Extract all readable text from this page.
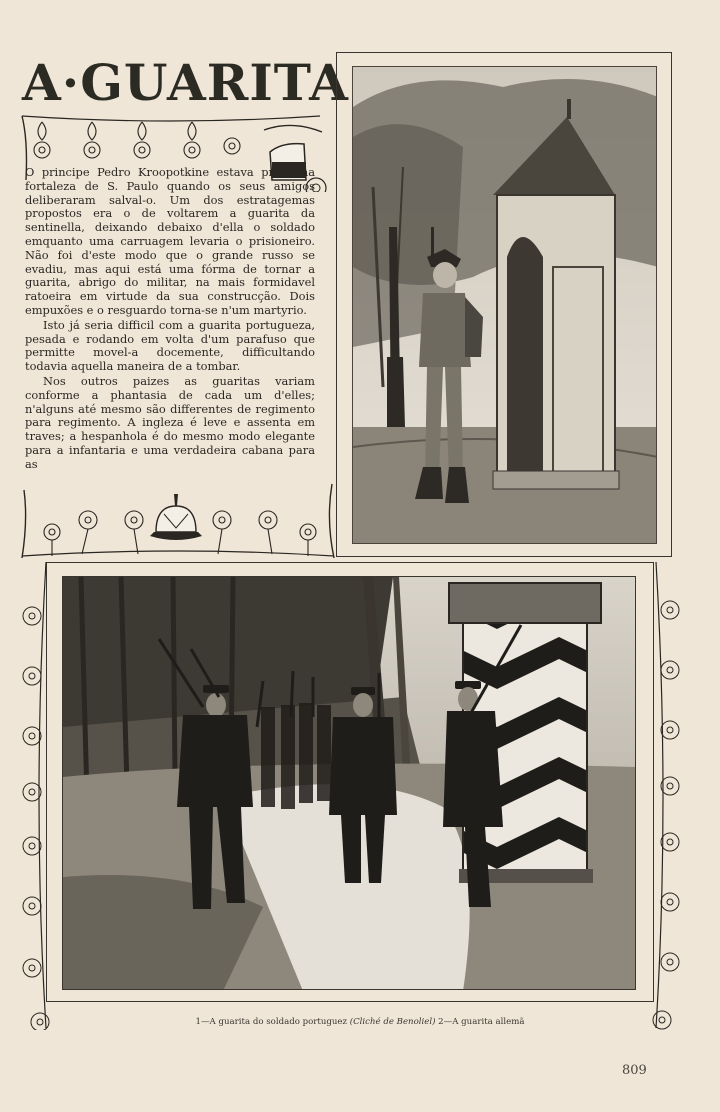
A·GUARITA

O principe Pedro Kroopotkine estava preso na fortaleza de S. Paulo quando os seus amigos deliberaram salval-o. Um dos estratagemas propostos era o de voltarem a guarita da sentinella, deixando debaixo d'ella o soldado emquanto uma carruagem levaria o prisioneiro. Não foi d'este modo que o grande russo se evadiu, mas aqui está uma fórma de tornar a guarita, abrigo do militar, na mais formidavel ratoeira em virtude da sua construcção. Dois empuxões e o resguardo torna-se n'um martyrio.

Isto já seria difficil com a guarita portugueza, pesada e rodando em volta d'um parafuso que permitte movel-a docemente, difficultando todavia aquella maneira de a tombar.

Nos outros paizes as guaritas variam conforme a phantasia de cada um d'elles; n'alguns até mesmo são differentes de regimento para regimento. A ingleza é leve e assenta em traves; a hespanhola é do mesmo modo elegante para a infantaria e uma verdadeira cabana para as

1—A guarita do soldado portuguez (Cliché de Benoliel) 2—A guarita allemã
809
